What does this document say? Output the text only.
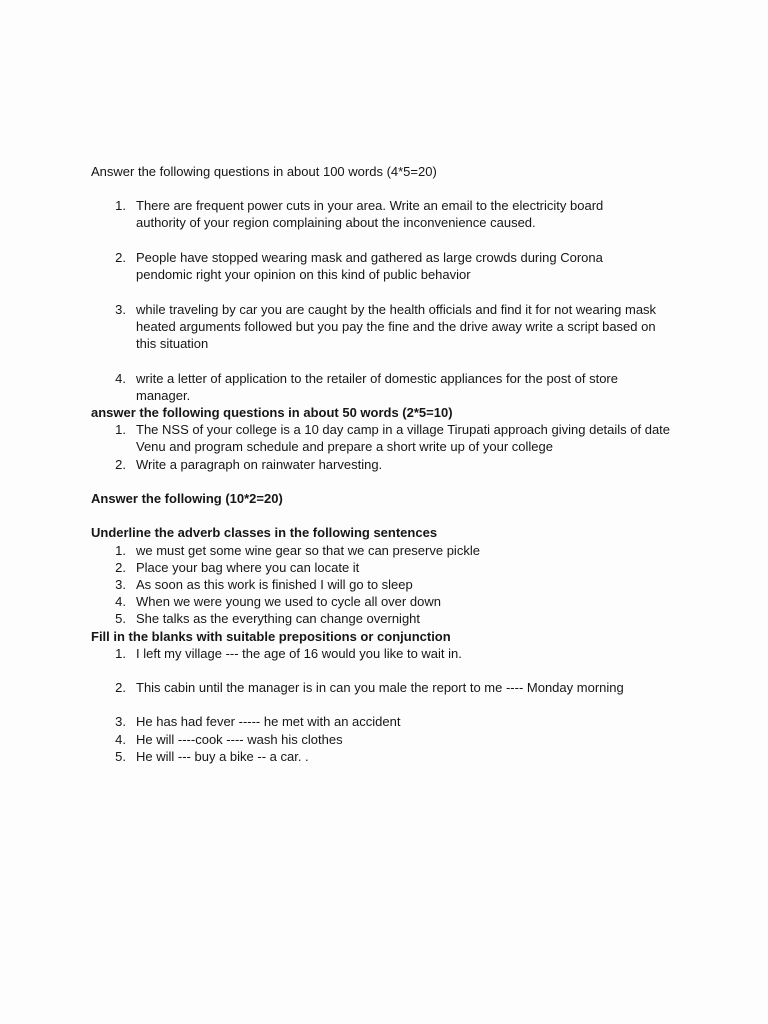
Answer the following questions in about 100 words (4*5=20)
1. There are frequent power cuts in your area. Write an email to the electricity board authority of your region complaining about the inconvenience caused.
2. People have stopped wearing mask and gathered as large crowds during Corona pendomic right your opinion on this kind of public behavior
3. while traveling by car you are caught by the health officials and find it for not wearing mask heated arguments followed but you pay the fine and the drive away write a script based on this situation
4. write a letter of application to the retailer of domestic appliances for the post of store manager.
answer the following questions in about 50 words (2*5=10)
1. The NSS of your college is a 10 day camp in a village Tirupati approach giving details of date Venu and program schedule and prepare a short write up of your college
2. Write a paragraph on rainwater harvesting.
Answer the following (10*2=20)
Underline the adverb classes in the following sentences
1. we must get some wine gear so that we can preserve pickle
2. Place your bag where you can locate it
3. As soon as this work is finished I will go to sleep
4. When we were young we used to cycle all over down
5. She talks as the everything can change overnight
Fill in the blanks with suitable prepositions or conjunction
1. I left my village --- the age of 16 would you like to wait in.
2. This cabin until the manager is in can you male the report to me ---- Monday morning
3. He has had fever ----- he met with an accident
4. He will ----cook ---- wash his clothes
5. He will --- buy a bike -- a car. .
